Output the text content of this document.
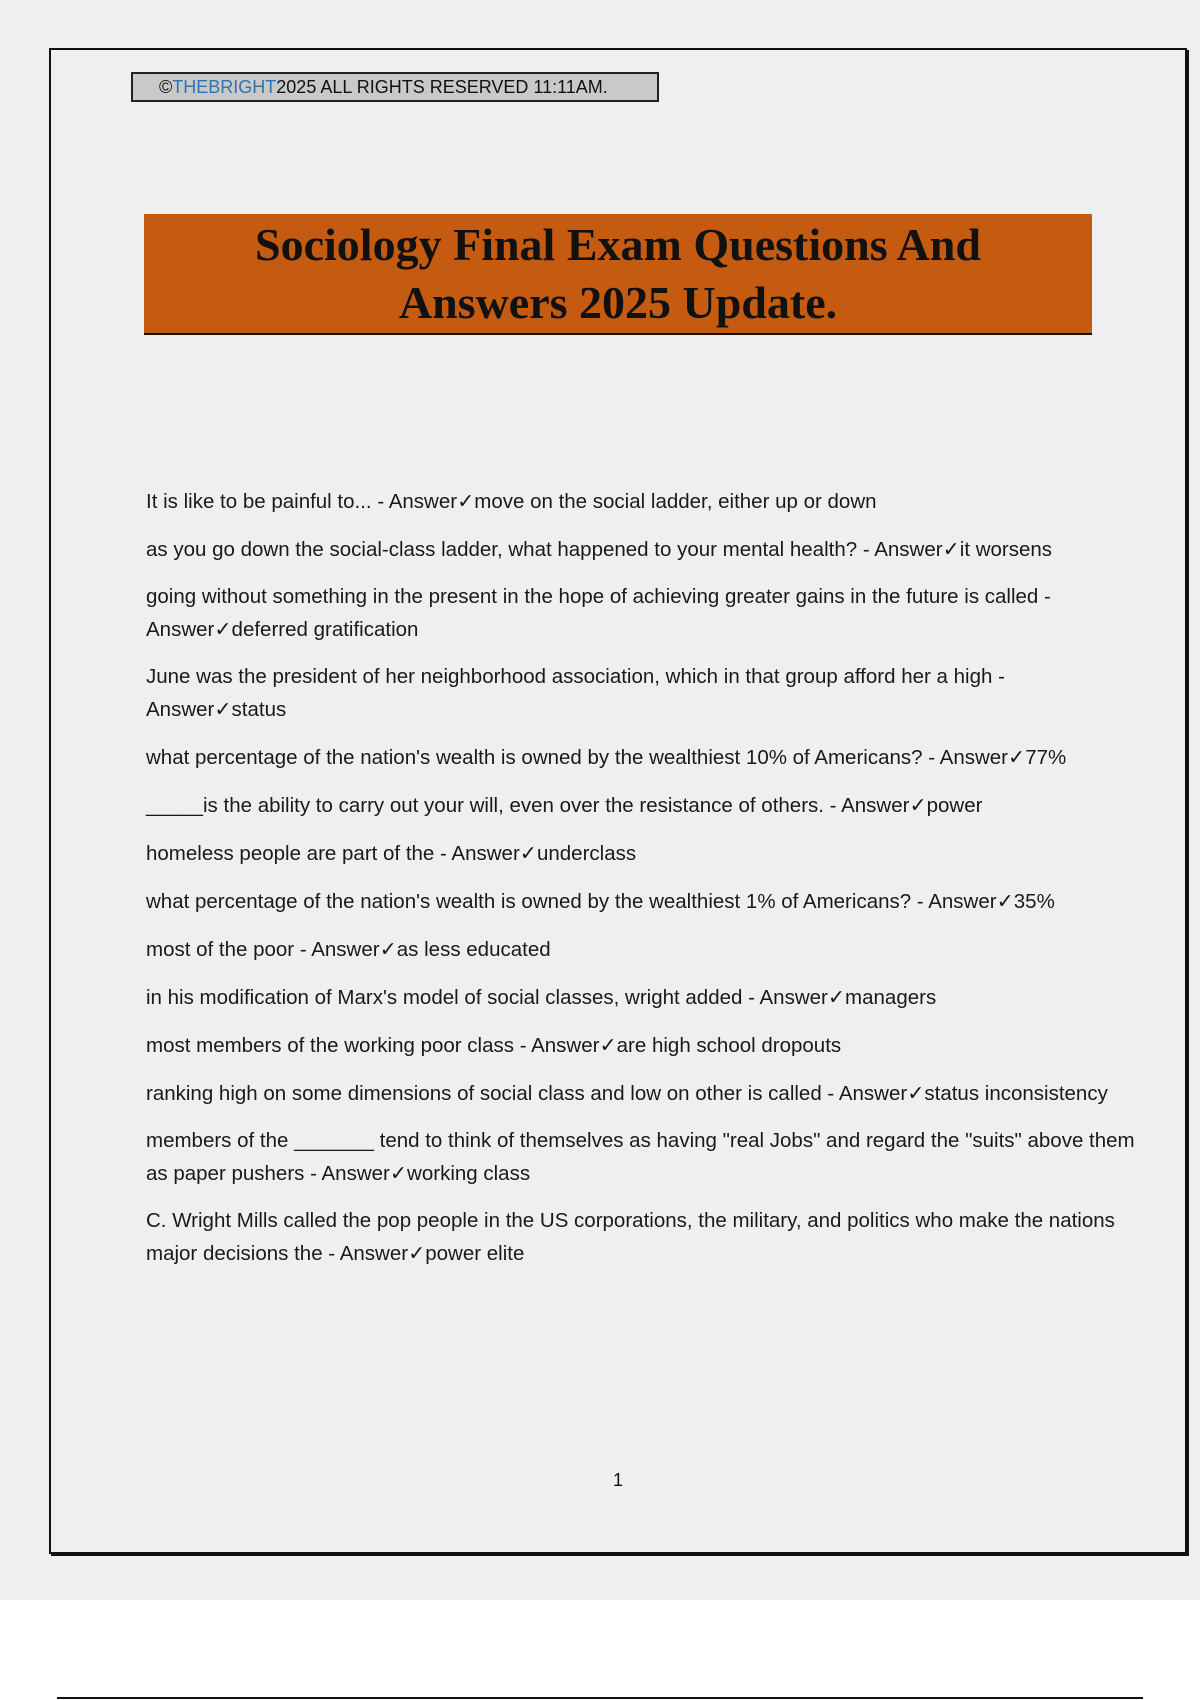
© THEBRIGHT 2025 ALL RIGHTS RESERVED 11:11AM.
Sociology Final Exam Questions And Answers 2025 Update.
It is like to be painful to... - Answer✓move on the social ladder, either up or down
as you go down the social-class ladder, what happened to your mental health? - Answer✓it worsens
going without something in the present in the hope of achieving greater gains in the future is called - Answer✓deferred gratification
June was the president of her neighborhood association, which in that group afford her a high - Answer✓status
what percentage of the nation's wealth is owned by the wealthiest 10% of Americans? - Answer✓77%
_____is the ability to carry out your will, even over the resistance of others. - Answer✓power
homeless people are part of the - Answer✓underclass
what percentage of the nation's wealth is owned by the wealthiest 1% of Americans? - Answer✓35%
most of the poor - Answer✓as less educated
in his modification of Marx's model of social classes, wright added - Answer✓managers
most members of the working poor class - Answer✓are high school dropouts
ranking high on some dimensions of social class and low on other is called - Answer✓status inconsistency
members of the _______ tend to think of themselves as having "real Jobs" and regard the "suits" above them as paper pushers - Answer✓working class
C. Wright Mills called the pop people in the US corporations, the military, and politics who make the nations major decisions the - Answer✓power elite
1
